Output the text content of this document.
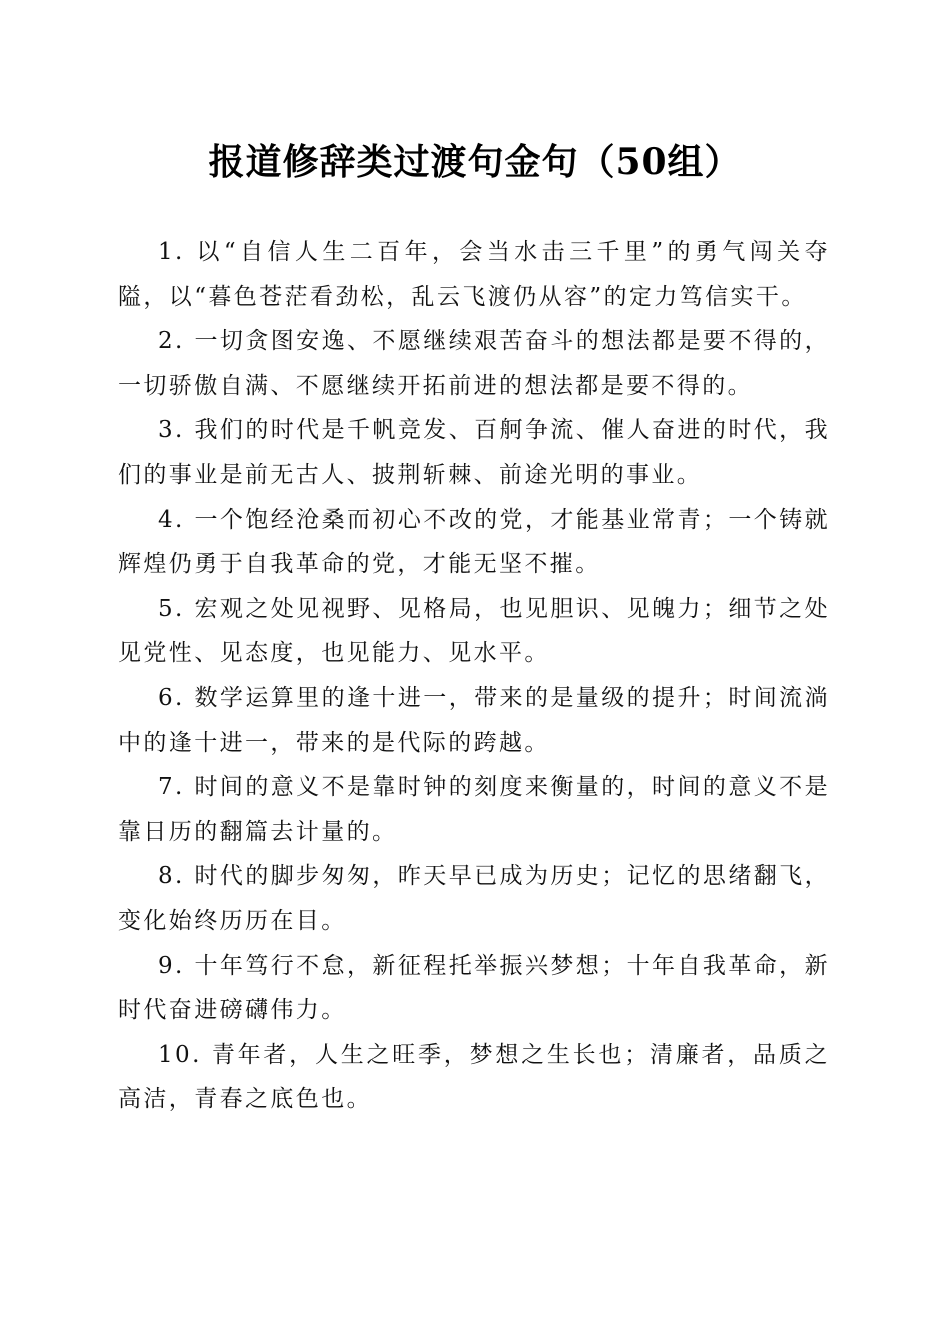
报道修辞类过渡句金句（50组）

1. 以“自信人生二百年，会当水击三千里”的勇气闯关夺隘，以“暮色苍茫看劲松，乱云飞渡仍从容”的定力笃信实干。

2. 一切贪图安逸、不愿继续艰苦奋斗的想法都是要不得的，一切骄傲自满、不愿继续开拓前进的想法都是要不得的。

3. 我们的时代是千帆竞发、百舸争流、催人奋进的时代，我们的事业是前无古人、披荆斩棘、前途光明的事业。

4. 一个饱经沧桑而初心不改的党，才能基业常青；一个铸就辉煌仍勇于自我革命的党，才能无坚不摧。

5. 宏观之处见视野、见格局，也见胆识、见魄力；细节之处见党性、见态度，也见能力、见水平。

6. 数学运算里的逢十进一，带来的是量级的提升；时间流淌中的逢十进一，带来的是代际的跨越。

7. 时间的意义不是靠时钟的刻度来衡量的，时间的意义不是靠日历的翻篇去计量的。

8. 时代的脚步匆匆，昨天早已成为历史；记忆的思绪翻飞，变化始终历历在目。

9. 十年笃行不怠，新征程托举振兴梦想；十年自我革命，新时代奋进磅礴伟力。

10. 青年者，人生之旺季，梦想之生长也；清廉者，品质之高洁，青春之底色也。
